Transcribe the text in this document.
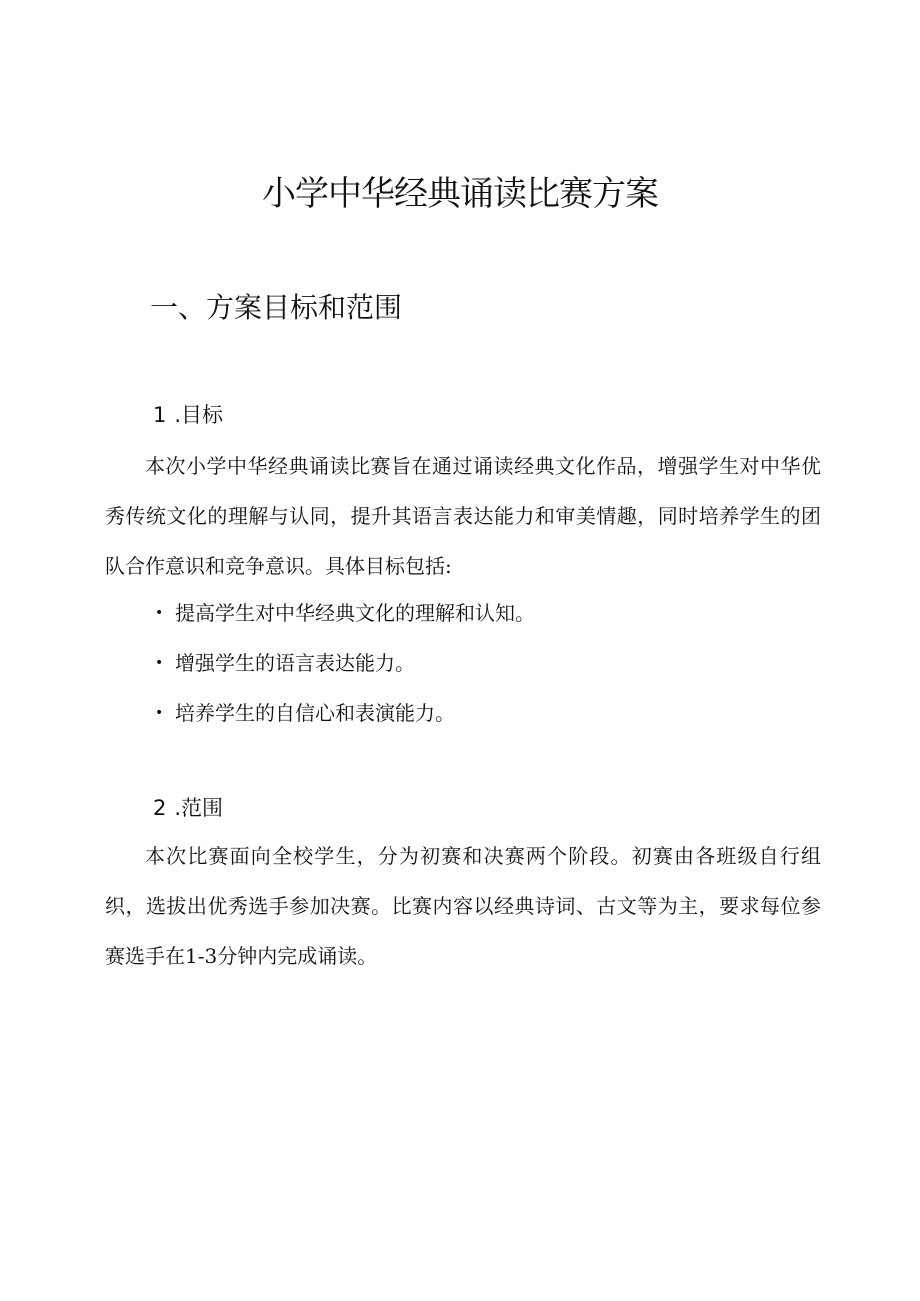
小学中华经典诵读比赛方案
一、方案目标和范围
1 .目标
本次小学中华经典诵读比赛旨在通过诵读经典文化作品，增强学生对中华优秀传统文化的理解与认同，提升其语言表达能力和审美情趣，同时培养学生的团队合作意识和竞争意识。具体目标包括:
• 提高学生对中华经典文化的理解和认知。
• 增强学生的语言表达能力。
• 培养学生的自信心和表演能力。
2 .范围
本次比赛面向全校学生，分为初赛和决赛两个阶段。初赛由各班级自行组织，选拔出优秀选手参加决赛。比赛内容以经典诗词、古文等为主，要求每位参赛选手在1-3分钟内完成诵读。
